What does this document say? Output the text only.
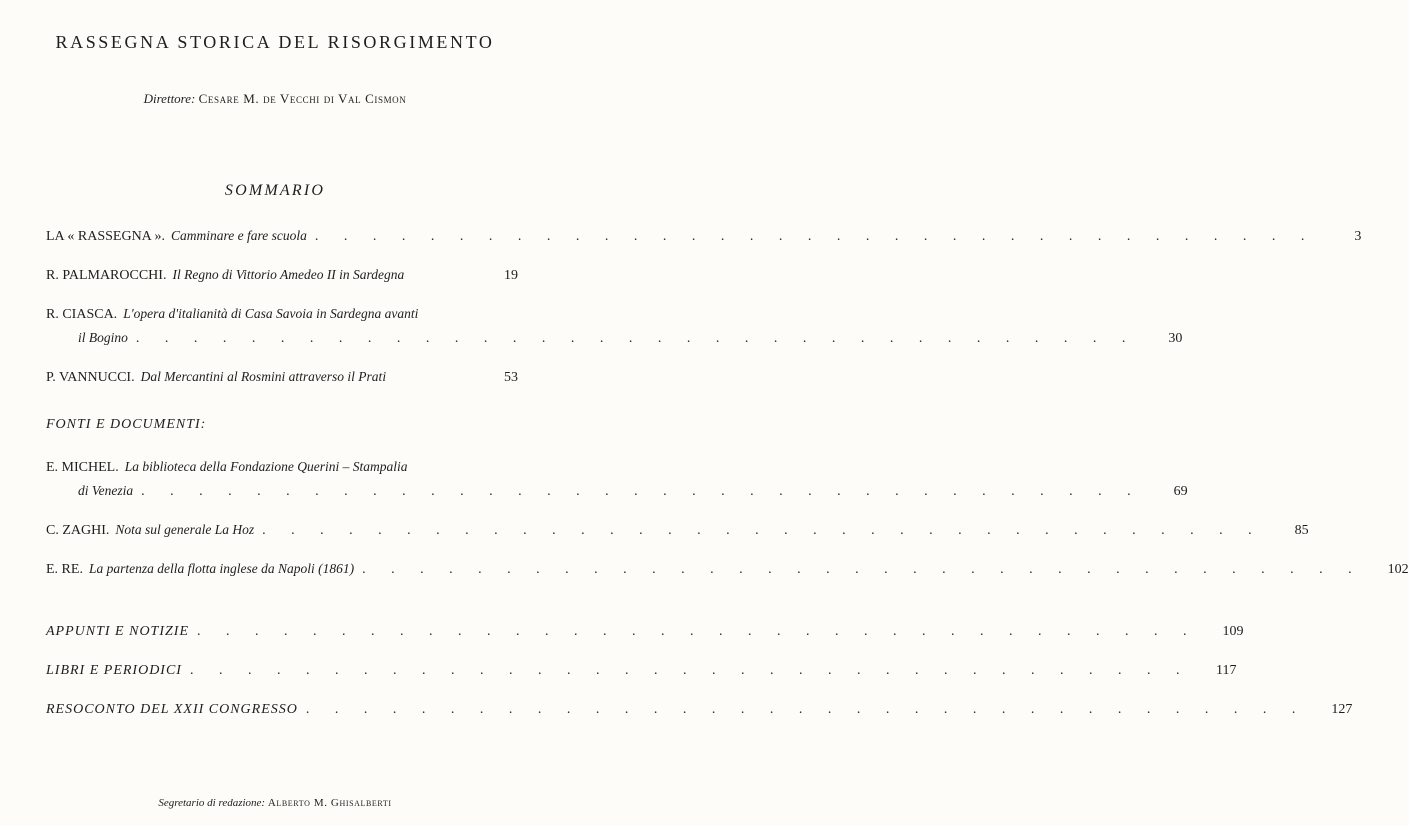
RASSEGNA STORICA DEL RISORGIMENTO
Direttore: Cesare M. de Vecchi di Val Cismon
SOMMARIO
LA « RASSEGNA ». Camminare e fare scuola . . . . . . . . . . . . . . . . . . . . . . . . . . . . . . . . . . .	3
R. PALMAROCCHI. Il Regno di Vittorio Amedeo II in Sardegna	19
R. CIASCA. L'opera d'italianità di Casa Savoia in Sardegna avanti
il Bogino . . . . . . . . . . . . . . . . . . . . . . . . . . . . . . . . . . .	30
P. VANNUCCI. Dal Mercantini al Rosmini attraverso il Prati	53
FONTI E DOCUMENTI:
E. MICHEL. La biblioteca della Fondazione Querini – Stampalia
di Venezia . . . . . . . . . . . . . . . . . . . . . . . . . . . . . . . . . . .	69
C. ZAGHI. Nota sul generale La Hoz . . . . . . . . . . . . . . . . . . . . . . . . . . . . . . . . . . .	85
E. RE. La partenza della flotta inglese da Napoli (1861) . . . . . . . . . . . . . . . . . . . . . . . . . . . . . . . . . . .	102
APPUNTI E NOTIZIE . . . . . . . . . . . . . . . . . . . . . . . . . . . . . . . . . . .	109
LIBRI E PERIODICI . . . . . . . . . . . . . . . . . . . . . . . . . . . . . . . . . . .	117
RESOCONTO DEL XXII CONGRESSO . . . . . . . . . . . . . . . . . . . . . . . . . . . . . . . . . . .	127
Segretario di redazione: Alberto M. Ghisalberti
